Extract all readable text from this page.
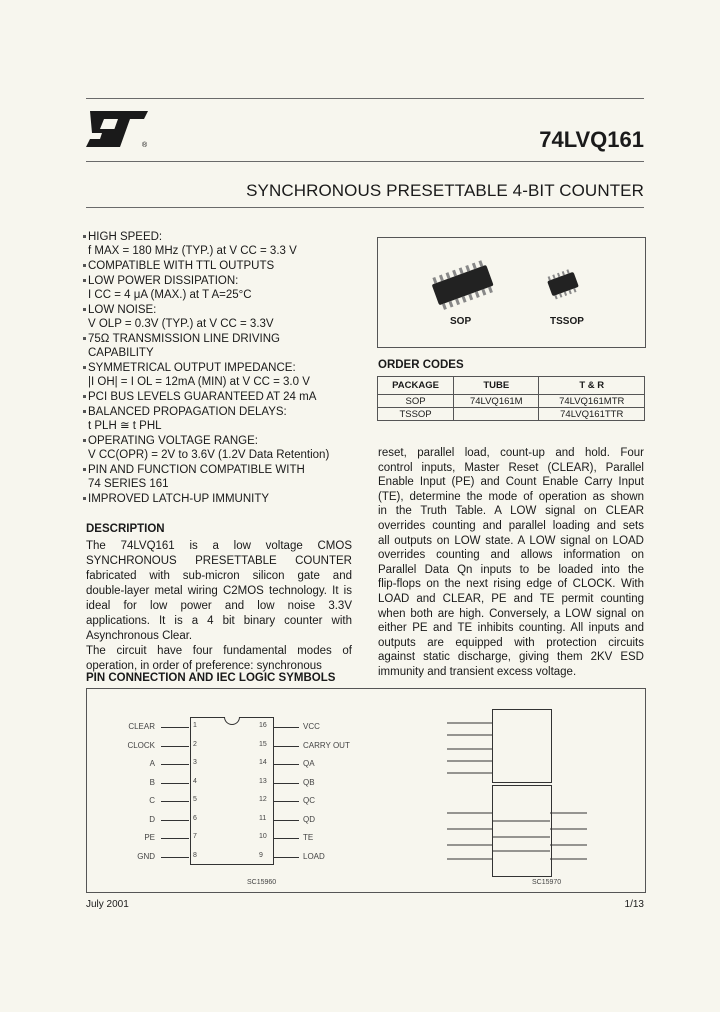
®	74LVQ161
SYNCHRONOUS PRESETTABLE 4-BIT COUNTER
HIGH SPEED:
f MAX = 180 MHz (TYP.) at V CC = 3.3 V
COMPATIBLE WITH TTL OUTPUTS
LOW POWER DISSIPATION:
I CC = 4 μA (MAX.) at T A=25°C
LOW NOISE:
V OLP = 0.3V (TYP.) at V CC = 3.3V
75Ω TRANSMISSION LINE DRIVING
CAPABILITY
SYMMETRICAL OUTPUT IMPEDANCE:
|I OH| = I OL = 12mA (MIN) at V CC = 3.0 V
PCI BUS LEVELS GUARANTEED AT 24 mA
BALANCED PROPAGATION DELAYS:
t PLH ≅ t PHL
OPERATING VOLTAGE RANGE:
V CC(OPR) = 2V to 3.6V (1.2V Data Retention)
PIN AND FUNCTION COMPATIBLE WITH
74 SERIES 161
IMPROVED LATCH-UP IMMUNITY
SOP	TSSOP
ORDER CODES
PACKAGE	TUBE	T & R
SOP	74LVQ161M	74LVQ161MTR
TSSOP		74LVQ161TTR
DESCRIPTION
The 74LVQ161 is a low voltage CMOS
SYNCHRONOUS PRESETTABLE COUNTER
fabricated with sub-micron silicon gate and
double-layer metal wiring C2MOS technology. It is
ideal for low power and low noise 3.3V
applications. It is a 4 bit binary counter with
Asynchronous Clear.
The circuit have four fundamental modes of
operation, in order of preference: synchronous
reset, parallel load, count-up and hold. Four
control inputs, Master Reset (CLEAR), Parallel
Enable Input (PE) and Count Enable Carry Input
(TE), determine the mode of operation as shown
in the Truth Table. A LOW signal on CLEAR
overrides counting and parallel loading and sets
all outputs on LOW state. A LOW signal on LOAD
overrides counting and allows information on
Parallel Data Qn inputs to be loaded into the
flip-flops on the next rising edge of CLOCK. With
LOAD and CLEAR, PE and TE permit counting
when both are high. Conversely, a LOW signal on
either PE and TE inhibits counting. All inputs and
outputs are equipped with protection circuits
against static discharge, giving them 2KV ESD
immunity and transient excess voltage.
PIN CONNECTION AND IEC LOGIC SYMBOLS
CLEAR	1
CLOCK	2
A	3
B	4
C	5
D	6
PE	7
GND	8
16	VCC
15	CARRY OUT
14	QA
13	QB
12	QC
11	QD
10	TE
9	LOAD
SC15960	SC15970
July 2001	1/13
